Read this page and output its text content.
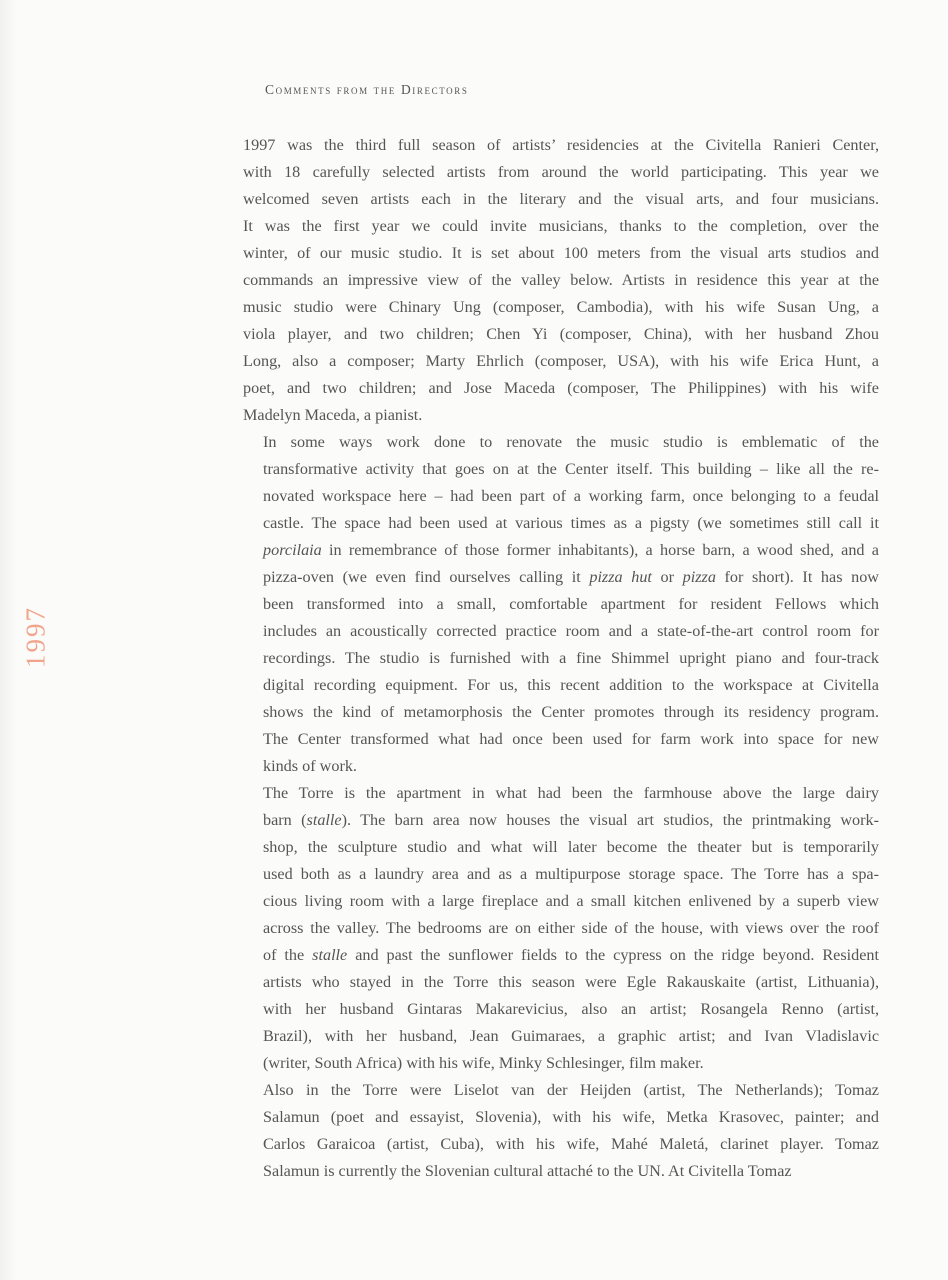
Comments from the Directors
1997

1997 was the third full season of artists’ residencies at the Civitella Ranieri Center,
with 18 carefully selected artists from around the world participating. This year we
welcomed seven artists each in the literary and the visual arts, and four musicians.
It was the first year we could invite musicians, thanks to the completion, over the
winter, of our music studio. It is set about 100 meters from the visual arts studios and
commands an impressive view of the valley below. Artists in residence this year at the
music studio were Chinary Ung (composer, Cambodia), with his wife Susan Ung, a
viola player, and two children; Chen Yi (composer, China), with her husband Zhou
Long, also a composer; Marty Ehrlich (composer, USA), with his wife Erica Hunt, a
poet, and two children; and Jose Maceda (composer, The Philippines) with his wife
Madelyn Maceda, a pianist.

In some ways work done to renovate the music studio is emblematic of the
transformative activity that goes on at the Center itself. This building – like all the re-
novated workspace here – had been part of a working farm, once belonging to a feudal
castle. The space had been used at various times as a pigsty (we sometimes still call it
porcilaia in remembrance of those former inhabitants), a horse barn, a wood shed, and a
pizza-oven (we even find ourselves calling it pizza hut or pizza for short). It has now
been transformed into a small, comfortable apartment for resident Fellows which
includes an acoustically corrected practice room and a state-of-the-art control room for
recordings. The studio is furnished with a fine Shimmel upright piano and four-track
digital recording equipment. For us, this recent addition to the workspace at Civitella
shows the kind of metamorphosis the Center promotes through its residency program.
The Center transformed what had once been used for farm work into space for new
kinds of work.

The Torre is the apartment in what had been the farmhouse above the large dairy
barn (stalle). The barn area now houses the visual art studios, the printmaking work-
shop, the sculpture studio and what will later become the theater but is temporarily
used both as a laundry area and as a multipurpose storage space. The Torre has a spa-
cious living room with a large fireplace and a small kitchen enlivened by a superb view
across the valley. The bedrooms are on either side of the house, with views over the roof
of the stalle and past the sunflower fields to the cypress on the ridge beyond. Resident
artists who stayed in the Torre this season were Egle Rakauskaite (artist, Lithuania),
with her husband Gintaras Makarevicius, also an artist; Rosangela Renno (artist,
Brazil), with her husband, Jean Guimaraes, a graphic artist; and Ivan Vladislavic
(writer, South Africa) with his wife, Minky Schlesinger, film maker.

Also in the Torre were Liselot van der Heijden (artist, The Netherlands); Tomaz
Salamun (poet and essayist, Slovenia), with his wife, Metka Krasovec, painter; and
Carlos Garaicoa (artist, Cuba), with his wife, Mahé Maletá, clarinet player. Tomaz
Salamun is currently the Slovenian cultural attaché to the UN. At Civitella Tomaz
